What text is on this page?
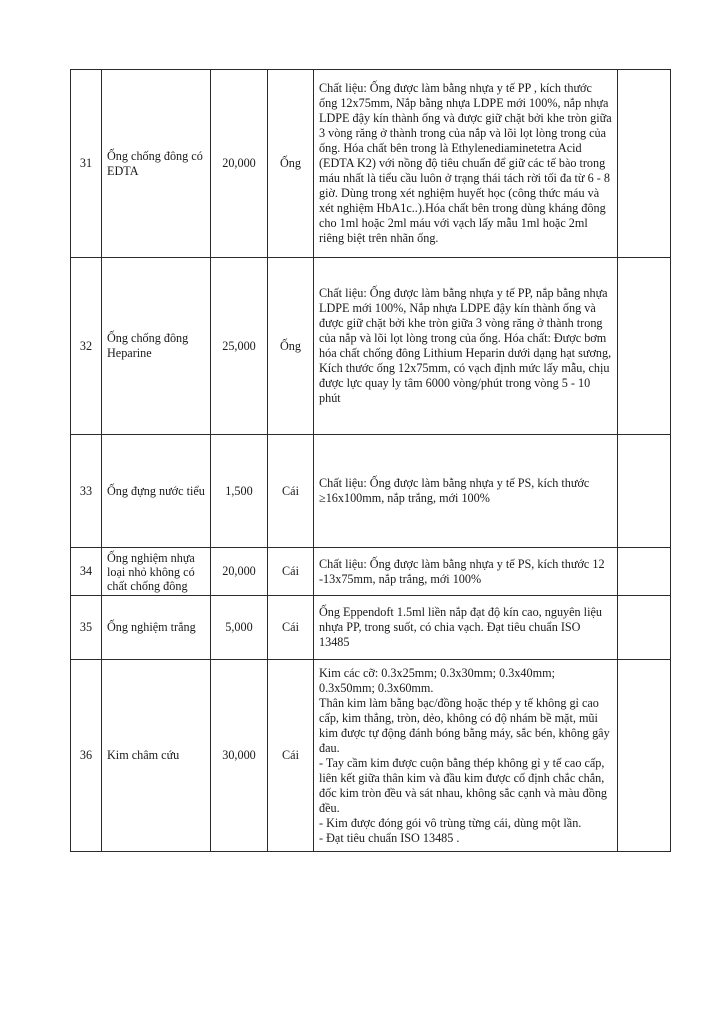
31	Ống chống đông có EDTA	20,000	Ống	Chất liệu: Ống được làm bằng nhựa y tế PP , kích thước ống 12x75mm, Nắp bằng nhựa LDPE mới 100%, nắp nhựa LDPE đậy kín thành ống và được giữ chặt bởi khe tròn giữa 3 vòng răng ở thành trong của nắp và lõi lọt lòng trong của ống. Hóa chất bên trong là Ethylenediaminetetra Acid (EDTA K2) với nồng độ tiêu chuẩn để giữ các tế bào trong máu nhất là tiểu cầu luôn ở trạng thái tách rời tối đa từ 6 - 8 giờ. Dùng trong xét nghiệm huyết học (công thức máu và xét nghiệm HbA1c..).Hóa chất bên trong dùng kháng đông cho 1ml hoặc 2ml máu với vạch lấy mẫu 1ml hoặc 2ml riêng biệt trên nhãn ống.	
32	Ống chống đông Heparine	25,000	Ống	Chất liệu: Ống được làm bằng nhựa y tế PP, nắp bằng nhựa LDPE mới 100%, Nắp nhựa LDPE đậy kín thành ống và được giữ chặt bởi khe tròn giữa 3 vòng răng ở thành trong của nắp và lõi lọt lòng trong của ống. Hóa chất: Được bơm hóa chất chống đông Lithium Heparin dưới dạng hạt sương, Kích thước ống 12x75mm, có vạch định mức lấy mẫu, chịu được lực quay ly tâm 6000 vòng/phút trong vòng 5 - 10 phút	
33	Ống đựng nước tiểu	1,500	Cái	Chất liệu: Ống được làm bằng nhựa y tế PS, kích thước ≥16x100mm, nắp trắng, mới 100%	
34	Ống nghiệm nhựa loại nhỏ không có chất chống đông	20,000	Cái	Chất liệu: Ống được làm bằng nhựa y tế PS, kích thước 12 -13x75mm, nắp trắng, mới 100%	
35	Ống nghiệm trắng	5,000	Cái	Ống Eppendoft 1.5ml liền nắp đạt độ kín cao, nguyên liệu nhựa PP, trong suốt, có chia vạch. Đạt tiêu chuẩn ISO 13485	
36	Kim châm cứu	30,000	Cái	Kim các cỡ: 0.3x25mm; 0.3x30mm; 0.3x40mm; 0.3x50mm; 0.3x60mm.
Thân kim làm bằng bạc/đồng hoặc thép y tế không gỉ cao cấp, kim thẳng, tròn, dẻo, không có độ nhám bề mặt, mũi kim được tự động đánh bóng bằng máy, sắc bén, không gây đau.
- Tay cầm kim được cuộn bằng thép không gỉ y tế cao cấp, liên kết giữa thân kim và đầu kim được cố định chắc chắn, đốc kim tròn đều và sát nhau, không sắc cạnh và màu đồng đều.
- Kim được đóng gói vô trùng từng cái, dùng một lần.
- Đạt tiêu chuẩn ISO 13485 .	
